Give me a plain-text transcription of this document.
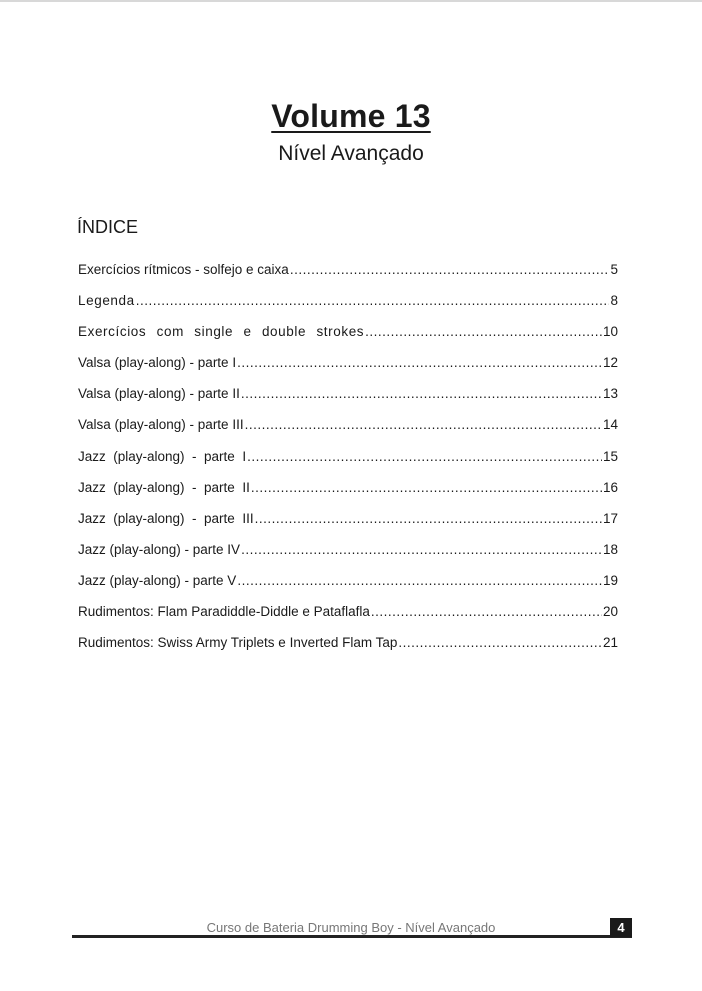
Volume 13
Nível Avançado
ÍNDICE
Exercícios rítmicos - solfejo e caixa .....	5
Legenda .....	8
Exercícios com single e double strokes .....	10
Valsa (play-along) - parte I .....	12
Valsa (play-along) - parte II .....	13
Valsa (play-along) - parte III .....	14
Jazz  (play-along)  -  parte  I .....	15
Jazz  (play-along)  -  parte  II .....	16
Jazz  (play-along)  -  parte  III .....	17
Jazz (play-along) - parte IV .....	18
Jazz (play-along) - parte V .....	19
Rudimentos: Flam Paradiddle-Diddle e Pataflafla .....	20
Rudimentos: Swiss Army Triplets e Inverted Flam Tap .....	21
Curso de Bateria Drumming Boy - Nível Avançado	4
